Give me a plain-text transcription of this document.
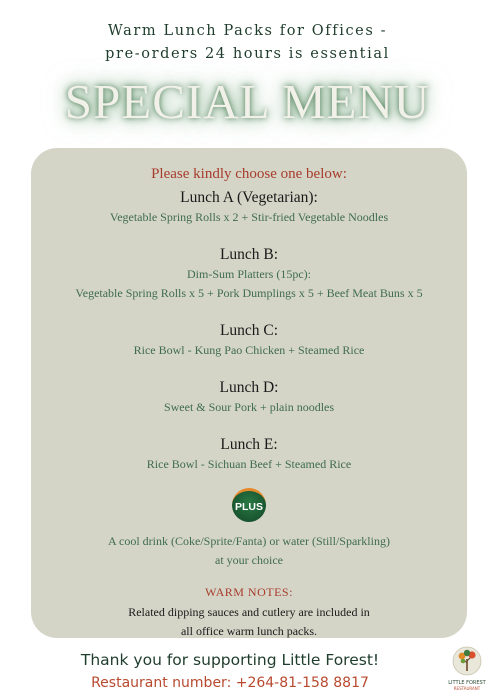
Warm Lunch Packs for Offices -
pre-orders 24 hours is essential
SPECIAL MENU
Please kindly choose one below:
Lunch A (Vegetarian):
Vegetable Spring Rolls x 2 + Stir-fried Vegetable Noodles
Lunch B:
Dim-Sum Platters (15pc):
Vegetable Spring Rolls x 5 + Pork Dumplings x 5 + Beef Meat Buns x 5
Lunch C:
Rice Bowl - Kung Pao Chicken + Steamed Rice
Lunch D:
Sweet & Sour Pork + plain noodles
Lunch E:
Rice Bowl - Sichuan Beef + Steamed Rice
PLUS
A cool drink (Coke/Sprite/Fanta) or water (Still/Sparkling)
at your choice
WARM NOTES:
Related dipping sauces and cutlery are included in
all office warm lunch packs.
Thank you for supporting Little Forest!
Restaurant number: +264-81-158 8817	LITTLE FOREST
RESTAURANT
